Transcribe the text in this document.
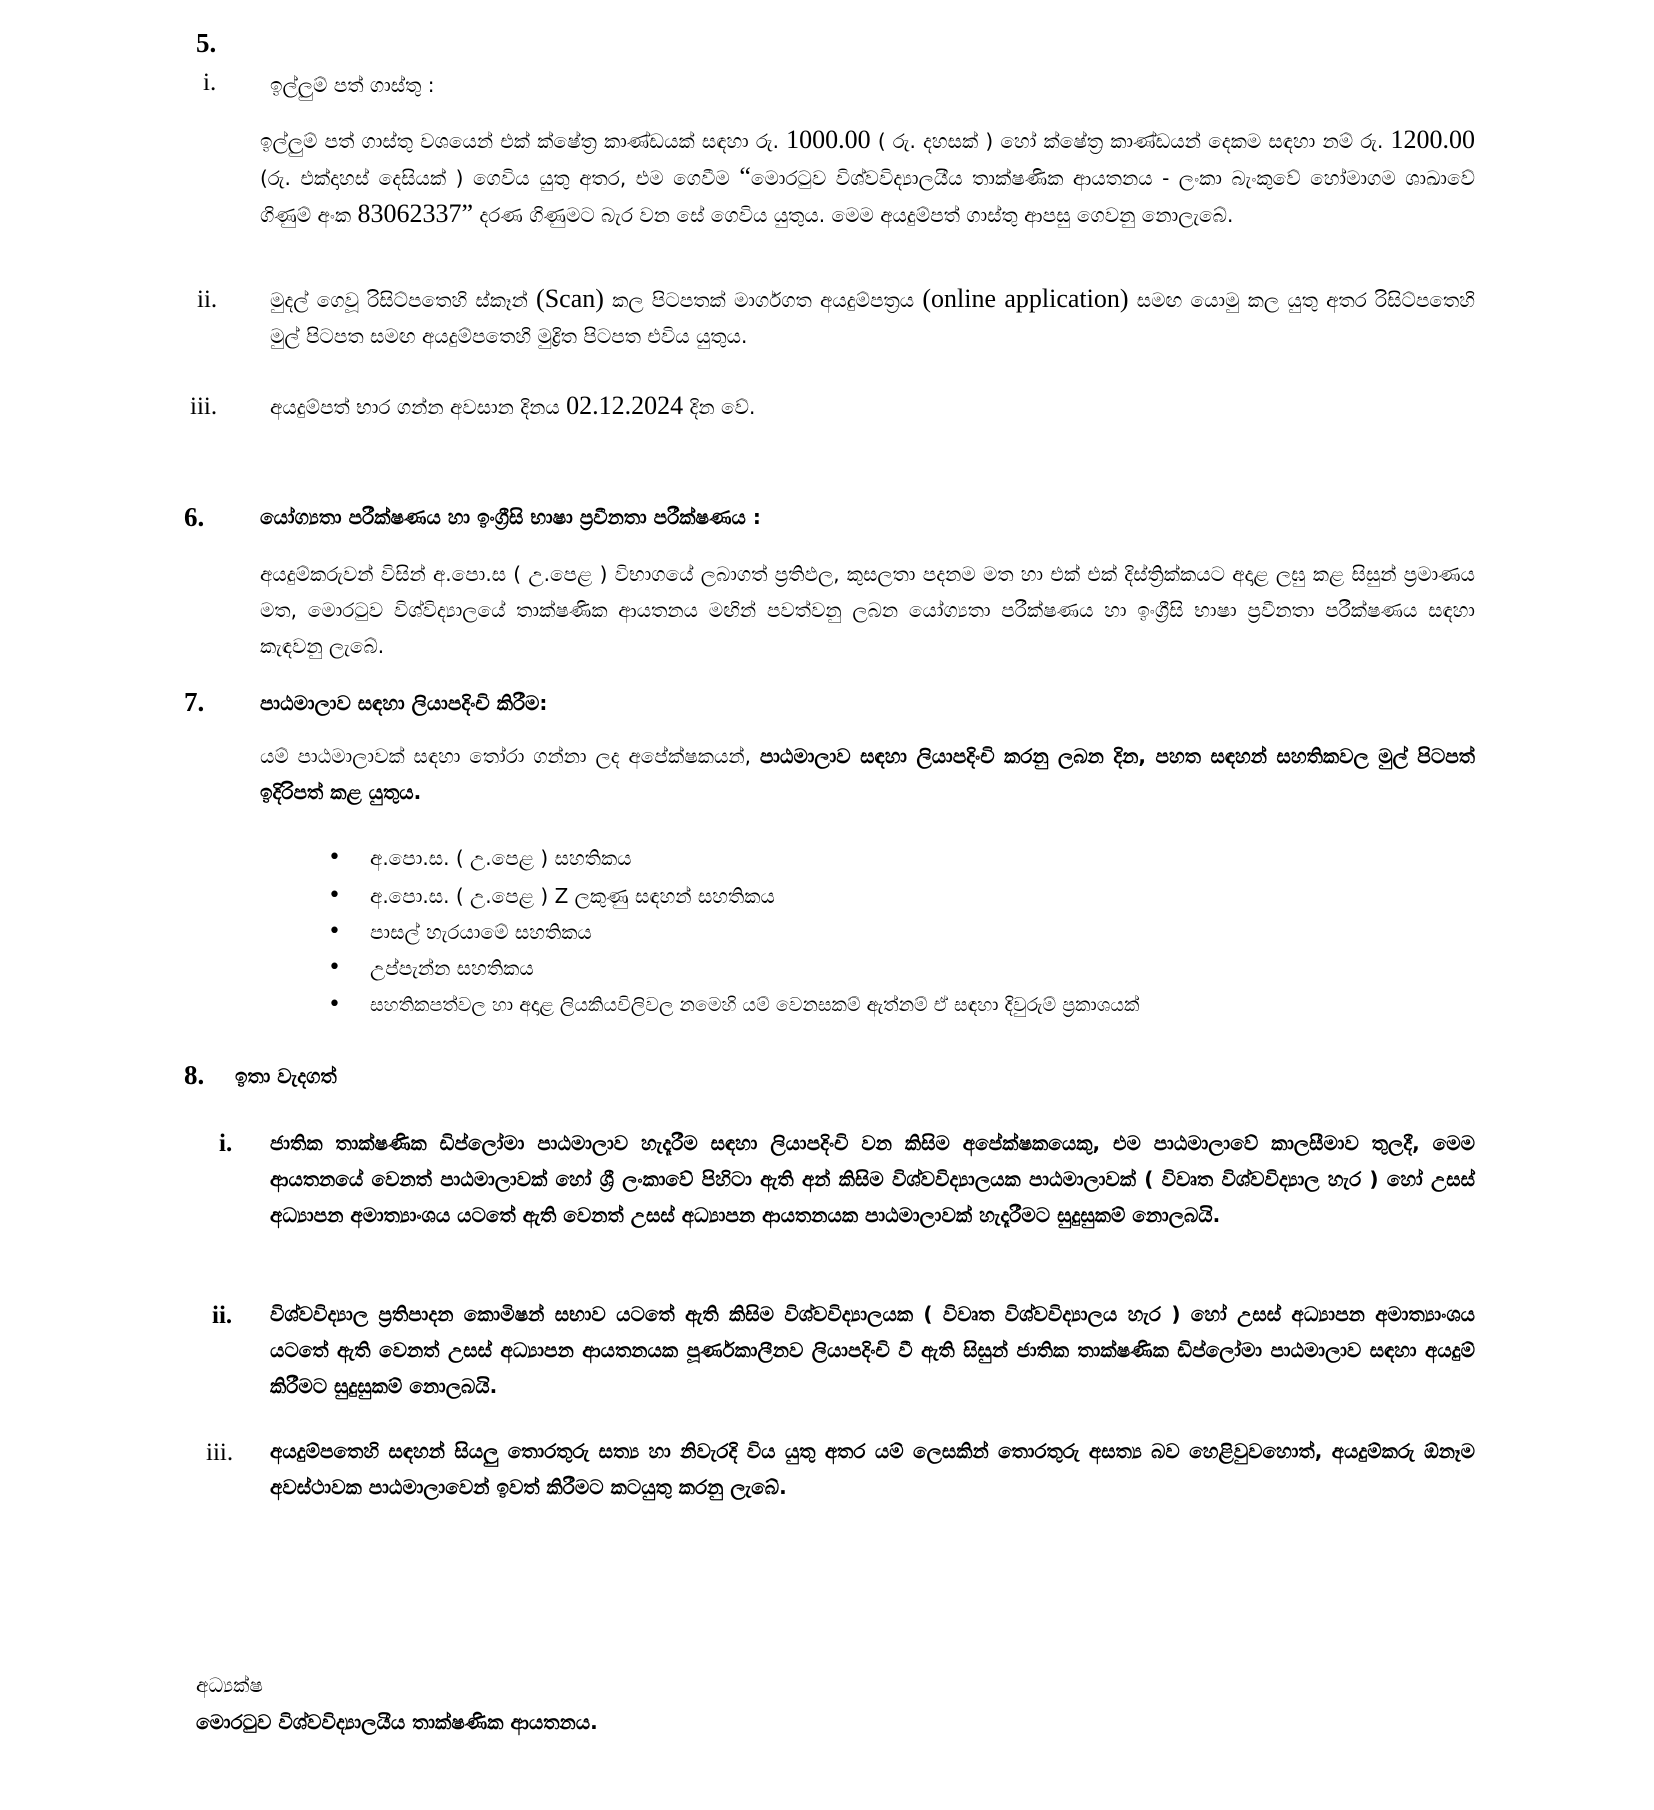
5.
i.	ඉල්ලුම් පත් ගාස්තු :
ඉල්ලුම් පත් ගාස්තු වශයෙන් එක් ක්ෂේත්‍ර කාණ්ඩයක් සඳහා රු. 1000.00 ( රු. දහසක් ) හෝ ක්ෂේත්‍ර කාණ්ඩයන් දෙකම සඳහා නම් රු. 1200.00 (රු. එක්දාහස් දෙසියක් ) ගෙවිය යුතු අතර, එම ගෙවීම “මොරටුව විශ්වවිද්‍යාලයීය තාක්ෂණික ආයතනය - ලංකා බැංකුවේ හෝමාගම ශාඛාවේ ගිණුම් අංක 83062337” දරණ ගිණුමට බැර වන සේ ගෙවිය යුතුය. මෙම අයදුම්පත් ගාස්තු ආපසු ගෙවනු නොලැබේ.
ii.	මුදල් ගෙවූ රිසිට්පතෙහි ස්කෑන් (Scan) කල පිටපතක් මාර්ගගත අයදුම්පත්‍රය (online application) සමඟ යොමු කල යුතු අතර රිසිට්පතෙහි මුල් පිටපත සමඟ අයදුම්පතෙහි මුද්‍රිත පිටපත එවිය යුතුය.
iii.	අයදුම්පත් භාර ගන්න අවසාන දිනය 02.12.2024 දින වේ.
6.	යෝග්‍යතා පරීක්ෂණය හා ඉංග්‍රීසි භාෂා ප්‍රවීනතා පරීක්ෂණය :
අයදුම්කරුවන් විසින් අ.පො.ස ( උ.පෙළ ) විභාගයේ ලබාගත් ප්‍රතිඵල, කුසලතා පදනම මත හා එක් එක් දිස්ත්‍රික්කයට අදාළ ලඝු කළ සිසුන් ප්‍රමාණය මත, මොරටුව විශ්විද්‍යාලයේ තාක්ෂණික ආයතනය මඟින් පවත්වනු ලබන යෝග්‍යතා පරීක්ෂණය හා ඉංග්‍රීසි භාෂා ප්‍රවීනතා පරීක්ෂණය සඳහා කැඳවනු ලැබේ.
7.	පාඨමාලාව සඳහා ලියාපදිංචි කිරීම:
යම් පාඨමාලාවක් සඳහා තෝරා ගන්නා ලද අපේක්ෂකයන්, පාඨමාලාව සඳහා ලියාපදිංචි කරනු ලබන දින, පහත සඳහන් සහතිකවල මුල් පිටපත් ඉදිරිපත් කළ යුතුය.
• අ.පො.ස. ( උ.පෙළ ) සහතිකය
• අ.පො.ස. ( උ.පෙළ ) Z ලකුණු සඳහන් සහතිකය
• පාසල් හැරයාමේ සහතිකය
• උප්පැන්න සහතිකය
• සහතිකපත්වල හා අදාළ ලියකියවිලිවල නමෙහි යම් වෙනසකම් ඇත්නම් ඒ සඳහා දිවුරුම් ප්‍රකාශයක්
8. ඉතා වැදගත්
i. ජාතික තාක්ෂණික ඩිප්ලෝමා පාඨමාලාව හැදෑරීම සඳහා ලියාපදිංචි වන කිසිම අපේක්ෂකයෙකු, එම පාඨමාලාවේ කාලසීමාව තුලදී, මෙම ආයතනයේ වෙනත් පාඨමාලාවක් හෝ ශ්‍රී ලංකාවේ පිහිටා ඇති අන් කිසිම විශ්වවිද්‍යාලයක පාඨමාලාවක් ( විවෘත විශ්වවිද්‍යාල හැර ) හෝ උසස් අධ්‍යාපන අමාත්‍යාංශය යටතේ ඇති වෙනත් උසස් අධ්‍යාපන ආයතනයක පාඨමාලාවක් හැදෑරීමට සුදුසුකම් නොලබයි.
ii. විශ්වවිද්‍යාල ප්‍රතිපාදන කොමිෂන් සභාව යටතේ ඇති කිසිම විශ්වවිද්‍යාලයක ( විවෘත විශ්වවිද්‍යාලය හැර ) හෝ උසස් අධ්‍යාපන අමාත්‍යාංශය යටතේ ඇති වෙනත් උසස් අධ්‍යාපන ආයතනයක පූර්ණකාලීනව ලියාපදිංචි වී ඇති සිසුන් ජාතික තාක්ෂණික ඩිප්ලෝමා පාඨමාලාව සඳහා අයදුම් කිරීමට සුදුසුකම් නොලබයි.
iii. අයදුම්පතෙහි සඳහන් සියලු තොරතුරු සත්‍ය හා නිවැරදි විය යුතු අතර යම් ලෙසකින් තොරතුරු අසත්‍ය බව හෙළිවුවහොත්, අයදුම්කරු ඕනෑම අවස්ථාවක පාඨමාලාවෙන් ඉවත් කිරීමට කටයුතු කරනු ලැබේ.
අධ්‍යක්ෂ
මොරටුව විශ්වවිද්‍යාලයීය තාක්ෂණික ආයතනය.
